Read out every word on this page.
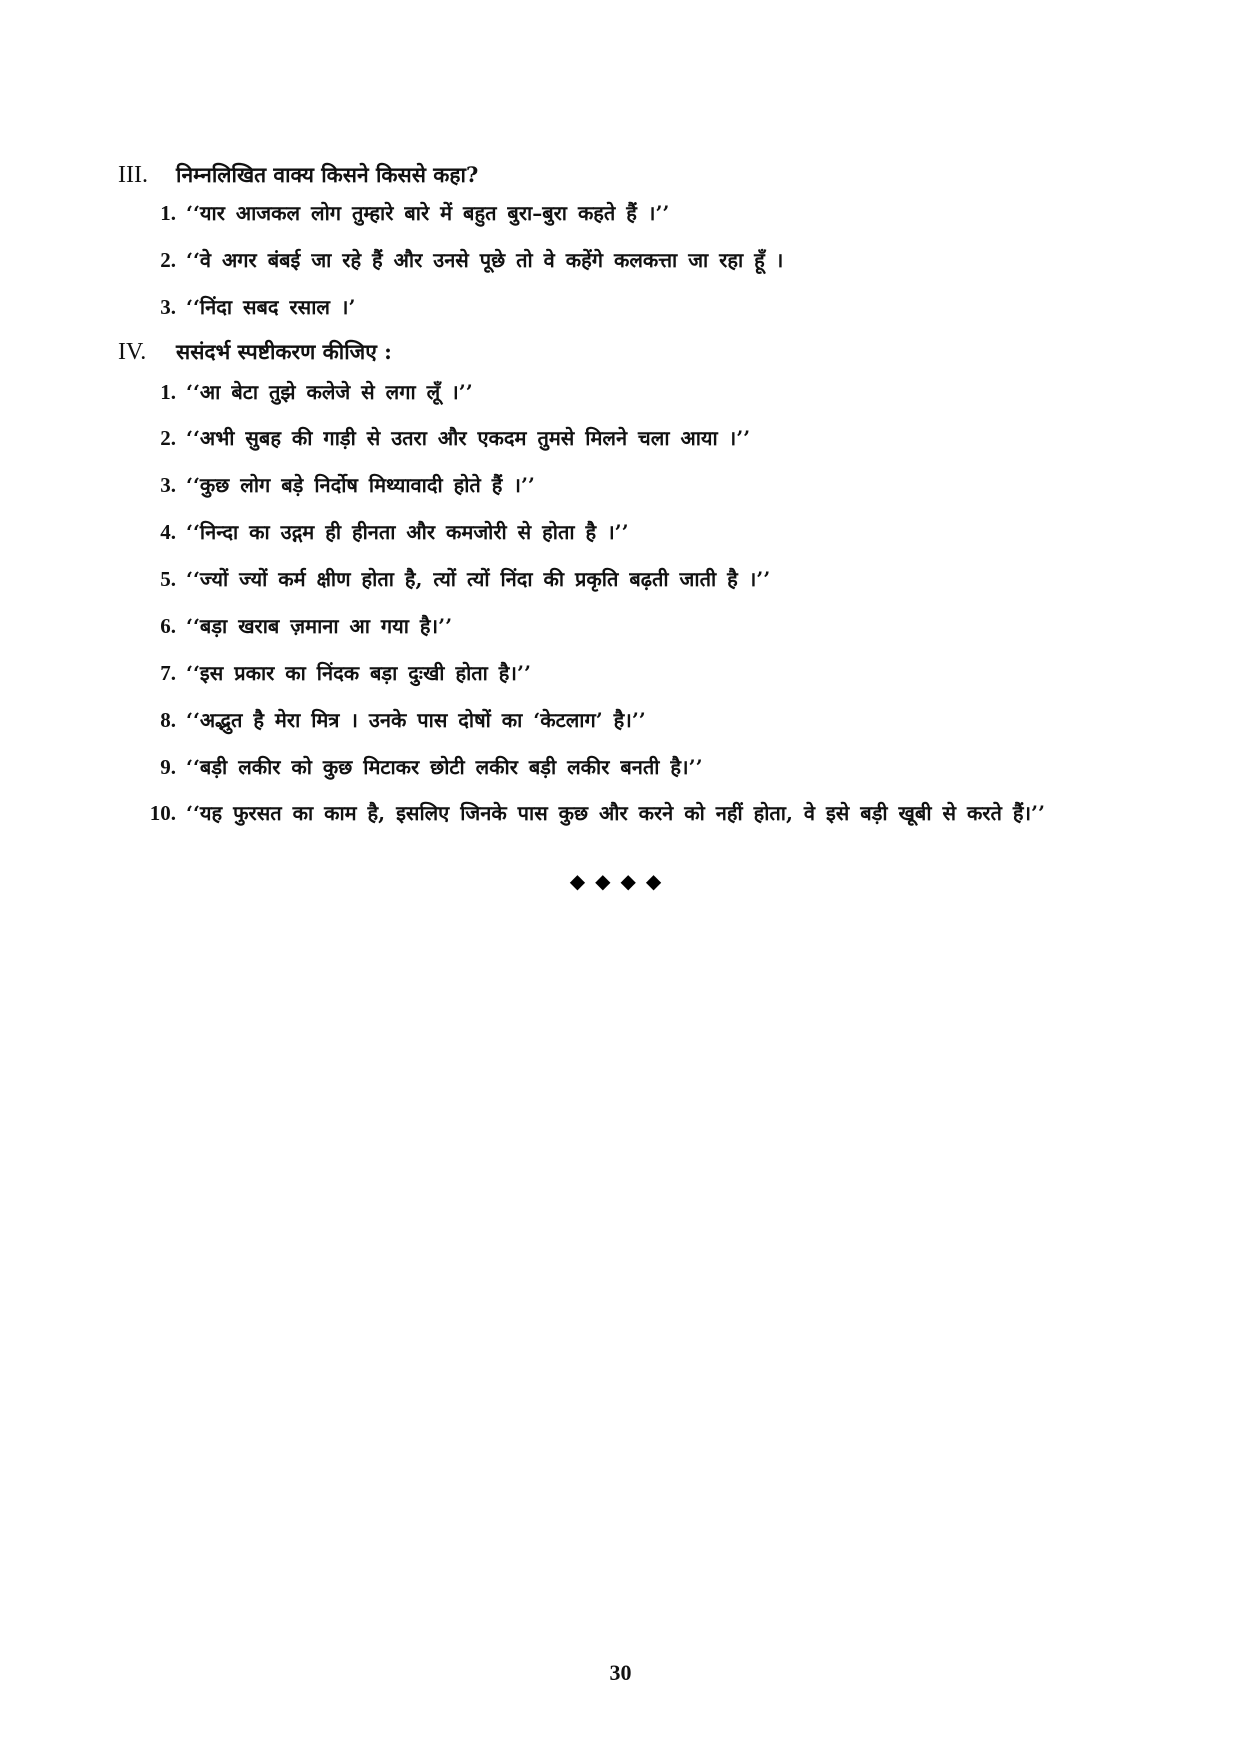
III.	निम्नलिखित वाक्य किसने किससे कहा?
1. ‘‘यार आजकल लोग तुम्हारे बारे में बहुत बुरा–बुरा कहते हैं ।’’
2. ‘‘वे अगर बंबई जा रहे हैं और उनसे पूछे तो वे कहेंगे कलकत्ता जा रहा हूँ ।
3. ‘‘निंदा सबद रसाल ।’
IV.	ससंदर्भ स्पष्टीकरण कीजिए :
1. ‘‘आ बेटा तुझे कलेजे से लगा लूँ ।’’
2. ‘‘अभी सुबह की गाड़ी से उतरा और एकदम तुमसे मिलने चला आया ।’’
3. ‘‘कुछ लोग बड़े निर्दोष मिथ्यावादी होते हैं ।’’
4. ‘‘निन्दा का उद्गम ही हीनता और कमजोरी से होता है ।’’
5. ‘‘ज्यों ज्यों कर्म क्षीण होता है, त्यों त्यों निंदा की प्रकृति बढ़ती जाती है ।’’
6. ‘‘बड़ा खराब ज़माना आ गया है।’’
7. ‘‘इस प्रकार का निंदक बड़ा दुःखी होता है।’’
8. ‘‘अद्भुत है मेरा मित्र । उनके पास दोषों का ‘केटलाग’ है।’’
9. ‘‘बड़ी लकीर को कुछ मिटाकर छोटी लकीर बड़ी लकीर बनती है।’’
10. ‘‘यह फुरसत का काम है, इसलिए जिनके पास कुछ और करने को नहीं होता, वे इसे बड़ी खूबी से करते हैं।’’
◆◆◆◆
30
